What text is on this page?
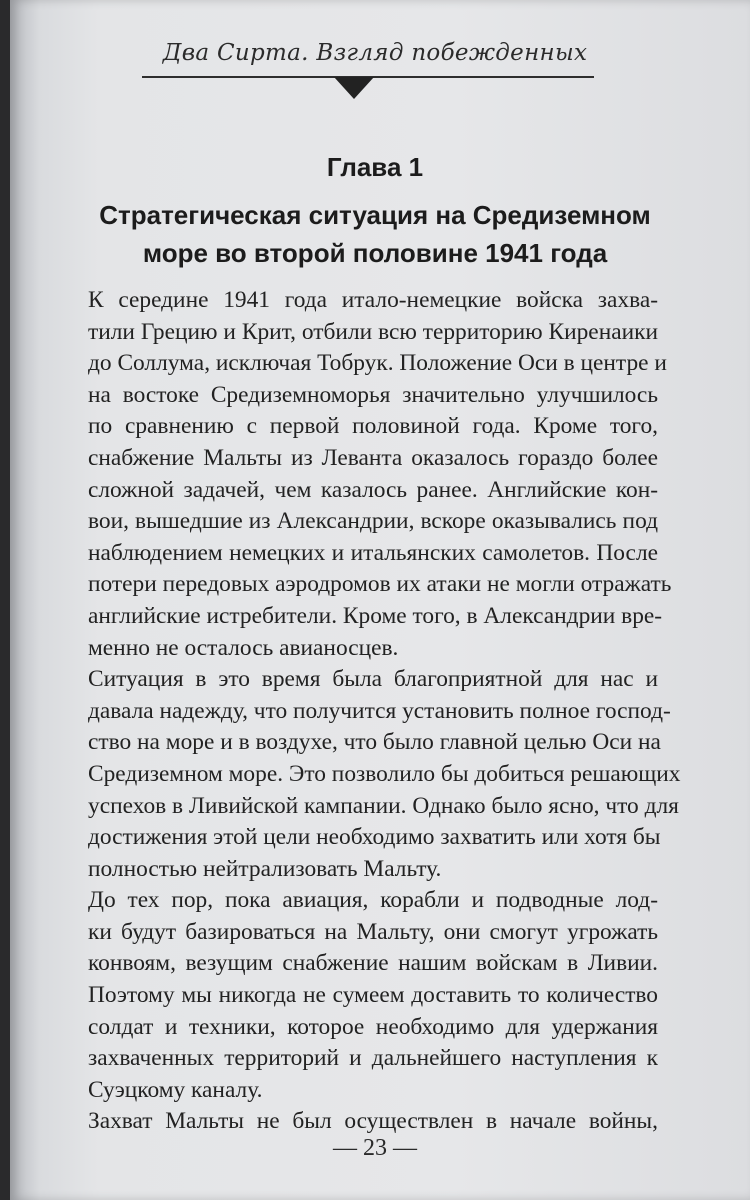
Два Сирта. Взгляд побежденных
Глава 1
Стратегическая ситуация на Средиземном
море во второй половине 1941 года
К середине 1941 года итало-немецкие войска захва-
тили Грецию и Крит, отбили всю территорию Киренаики
до Соллума, исключая Тобрук. Положение Оси в центре и
на востоке Средиземноморья значительно улучшилось
по сравнению с первой половиной года. Кроме того,
снабжение Мальты из Леванта оказалось гораздо более
сложной задачей, чем казалось ранее. Английские кон-
вои, вышедшие из Александрии, вскоре оказывались под
наблюдением немецких и итальянских самолетов. После
потери передовых аэродромов их атаки не могли отражать
английские истребители. Кроме того, в Александрии вре-
менно не осталось авианосцев.
Ситуация в это время была благоприятной для нас и
давала надежду, что получится установить полное господ-
ство на море и в воздухе, что было главной целью Оси на
Средиземном море. Это позволило бы добиться решающих
успехов в Ливийской кампании. Однако было ясно, что для
достижения этой цели необходимо захватить или хотя бы
полностью нейтрализовать Мальту.
До тех пор, пока авиация, корабли и подводные лод-
ки будут базироваться на Мальту, они смогут угрожать
конвоям, везущим снабжение нашим войскам в Ливии.
Поэтому мы никогда не сумеем доставить то количество
солдат и техники, которое необходимо для удержания
захваченных территорий и дальнейшего наступления к
Суэцкому каналу.
Захват Мальты не был осуществлен в начале войны,
— 23 —
